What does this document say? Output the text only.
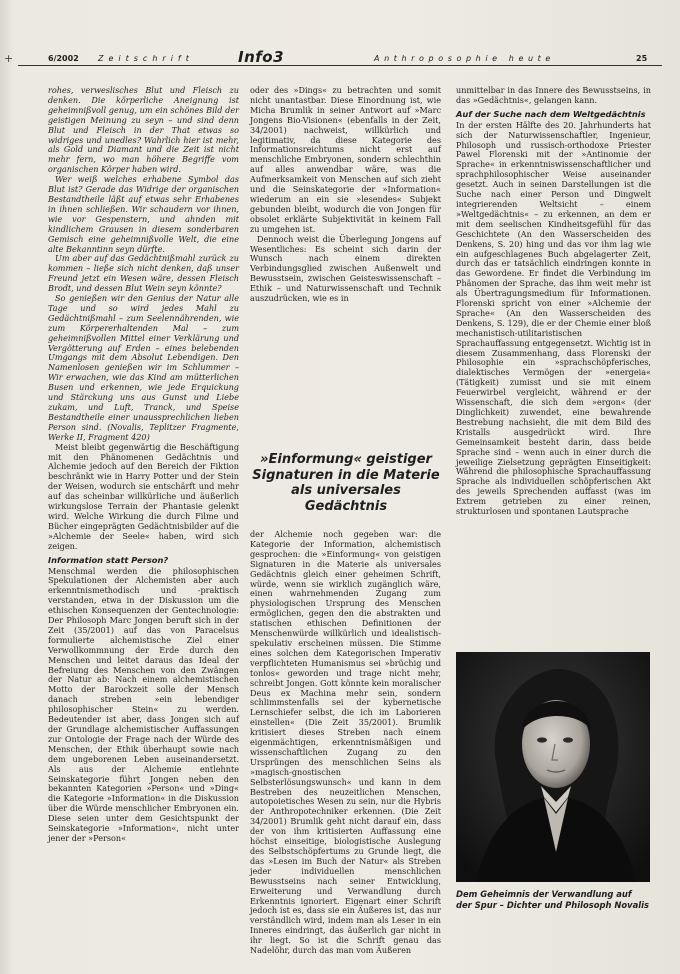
+	6/2002 Zeitschrift	Info3	Anthroposophie heute	25

rohes, verweslisches Blut und Fleisch zu denken. Die körperliche Aneignung ist geheimnißvoll genug, um ein schönes Bild der geistigen Meinung zu seyn – und sind denn Blut und Fleisch in der That etwas so widriges und unedles? Wahrlich hier ist mehr, als Gold und Diamant und die Zeit ist nicht mehr fern, wo man höhere Begriffe vom organischen Körper haben wird.

Wer weiß welches erhabene Symbol das Blut ist? Gerade das Widrige der organischen Bestandtheile läßt auf etwas sehr Erhabenes in ihnen schließen. Wir schaudern vor ihnen, wie vor Gespenstern, und ahnden mit kindlichem Grausen in diesem sonderbaren Gemisch eine geheimnißvolle Welt, die eine alte Bekanntinn seyn dürfte.

Um aber auf das Gedächtnißmahl zurück zu kommen – ließe sich nicht denken, daß unser Freund jetzt ein Wesen wäre, dessen Fleisch Brodt, und dessen Blut Wein seyn könnte?

So genießen wir den Genius der Natur alle Tage und so wird jedes Mahl zu Gedächtnißmahl – zum Seelennährenden, wie zum Körpererhaltenden Mal – zum geheimnißvollen Mittel einer Verklärung und Vergötterung auf Erden – eines belebenden Umgangs mit dem Absolut Lebendigen. Den Namenlosen genießen wir im Schlummer – Wir erwachen, wie das Kind am mütterlichen Busen und erkennen, wie jede Erquickung und Stärckung uns aus Gunst und Liebe zukam, und Luft, Tranck, und Speise Bestandtheile einer unaussprechlichen lieben Person sind. (Novalis, Teplitzer Fragmente, Werke II, Fragment 420)

Meist bleibt gegenwärtig die Beschäftigung mit den Phänomenen Gedächtnis und Alchemie jedoch auf den Bereich der Fiktion beschränkt wie in Harry Potter und der Stein der Weisen, wodurch sie entschärft und mehr auf das scheinbar willkürliche und äußerlich wirkungslose Terrain der Phantasie gelenkt wird. Welche Wirkung die durch Filme und Bücher eingeprägten Gedächtnisbilder auf die »Alchemie der Seele« haben, wird sich zeigen.

Information statt Person?

Menschmal werden die philosophischen Spekulationen der Alchemisten aber auch erkenntnismethodisch und -praktisch verstanden, etwa in der Diskussion um die ethischen Konsequenzen der Gentechnologie: Der Philosoph Marc Jongen beruft sich in der Zeit (35/2001) auf das von Paracelsus formulierte alchemistische Ziel einer Verwollkommnung der Erde durch den Menschen und leitet daraus das Ideal der Befreiung des Menschen von den Zwängen der Natur ab: Nach einem alchemistischen Motto der Barockzeit solle der Mensch danach streben »ein lebendiger philosophischer Stein« zu werden. Bedeutender ist aber, dass Jongen sich auf der Grundlage alchemistischer Auffassungen zur Ontologie der Frage nach der Würde des Menschen, der Ethik überhaupt sowie nach dem ungeborenen Leben auseinandersetzt. Als aus der Alchemie entlehnte Seinskategorie führt Jongen neben den bekannten Kategorien »Person« und »Ding« die Kategorie »Information« in die Diskussion über die Würde menschlicher Embryonen ein. Diese seien unter dem Gesichtspunkt der Seinskategorie »Information«, nicht unter jener der »Person«

oder des »Dings« zu betrachten und somit nicht unantastbar. Diese Einordnung ist, wie Micha Brumlik in seiner Antwort auf »Marc Jongens Bio-Visionen« (ebenfalls in der Zeit, 34/2001) nachweist, willkürlich und legitimativ, da diese Kategorie des Informationsreichtums nicht erst auf menschliche Embryonen, sondern schlechthin auf alles anwendbar wäre, was die Aufmerksamkeit von Menschen auf sich zieht und die Seinskategorie der »Information« wiederum an ein sie »lesendes« Subjekt gebunden bleibt, wodurch die von Jongen für obsolet erklärte Subjektivität in keinem Fall zu umgehen ist.

Dennoch weist die Überlegung Jongens auf Wesentliches: Es scheint sich darin der Wunsch nach einem direkten Verbindungsglied zwischen Außenwelt und Bewusstsein, zwischen Geisteswissenschaft – Ethik – und Naturwissenschaft und Technik auszudrücken, wie es in

»Einformung« geistiger
Signaturen in die Materie
als universales Gedächtnis

der Alchemie noch gegeben war: die Kategorie der Information, alchemistisch gesprochen: die »Einformung« von geistigen Signaturen in die Materie als universales Gedächtnis gleich einer geheimen Schrift, würde, wenn sie wirklich zugänglich wäre, einen wahrnehmenden Zugang zum physiologischen Ursprung des Menschen ermöglichen, gegen den die abstrakten und statischen ethischen Definitionen der Menschenwürde willkürlich und idealistisch-spekulativ erscheinen müssen. Die Stimme eines solchen dem Kategorischen Imperativ verpflichteten Humanismus sei »brüchig und tonlos« geworden und trage nicht mehr, schreibt Jongen. Gott könnte kein moralischer Deus ex Machina mehr sein, sondern schlimmstenfalls sei der kybernetische Lernschiefer selbst, die ich im Laborieren einstellen« (Die Zeit 35/2001). Brumlik kritisiert dieses Streben nach einem eigenmächtigen, erkenntnismäßigen und wissenschaftlichen Zugang zu den Ursprüngen des menschlichen Seins als »magisch-gnostischen Selbsterlösungswunsch« und kann in dem Bestreben des neuzeitlichen Menschen, autopoietisches Wesen zu sein, nur die Hybris der Anthropotechniker erkennen. (Die Zeit 34/2001) Brumlik geht nicht darauf ein, dass der von ihm kritisierten Auffassung eine höchst einseitige, biologistische Auslegung des Selbstschöpfertums zu Grunde liegt, die das »Lesen im Buch der Natur« als Streben jeder individuellen menschlichen Bewusstseins nach seiner Entwicklung, Erweiterung und Verwandlung durch Erkenntnis ignoriert. Eigenart einer Schrift jedoch ist es, dass sie ein Äußeres ist, das nur verständlich wird, indem man als Leser in ein Inneres eindringt, das äußerlich gar nicht in ihr liegt. So ist die Schrift genau das Nadelöhr, durch das man vom Äußeren

unmittelbar in das Innere des Bewusstseins, in das »Gedächtnis«, gelangen kann.

Auf der Suche nach dem Weltgedächtnis

In der ersten Hälfte des 20. Jahrhunderts hat sich der Naturwissenschaftler, Ingenieur, Philosoph und russisch-orthodoxe Priester Pawel Florenski mit der »Antinomie der Sprache« in erkenntniswissenschaftlicher und sprachphilosophischer Weise auseinander gesetzt. Auch in seinen Darstellungen ist die Suche nach einer Person und Dingwelt integrierenden Weltsicht – einem »Weltgedächtnis« – zu erkennen, an dem er mit dem seelischen Kindheitsgefühl für das Geschichtete (An den Wasserscheiden des Denkens, S. 20) hing und das vor ihm lag wie ein aufgeschlagenes Buch abgelagerter Zeit, durch das er tatsächlich eindringen konnte in das Gewordene. Er findet die Verbindung im Phänomen der Sprache, das ihm weit mehr ist als Übertragungsmedium für Informationen. Florenski spricht von einer »Alchemie der Sprache« (An den Wasserscheiden des Denkens, S. 129), die er der Chemie einer bloß mechanistisch-utilitaristischen Sprachauffassung entgegensetzt. Wichtig ist in diesem Zusammenhang, dass Florenski der Philosophie ein »sprachschöpferisches, dialektisches Vermögen der »energeia« (Tätigkeit) zumisst und sie mit einem Feuerwirbel vergleicht, während er der Wissenschaft, die sich dem »ergon« (der Dinglichkeit) zuwendet, eine bewahrende Bestrebung nachsieht, die mit dem Bild des Kristalls ausgedrückt wird. Ihre Gemeinsamkeit besteht darin, dass beide Sprache sind – wenn auch in einer durch die jeweilige Zielsetzung geprägten Einseitigkeit: Während die philosophische Sprachauffassung Sprache als individuellen schöpferischen Akt des jeweils Sprechenden auffasst (was im Extrem getrieben zu einer reinen, strukturlosen und spontanen Lautsprache

Dem Geheimnis der Verwandlung auf
der Spur – Dichter und Philosoph Novalis
